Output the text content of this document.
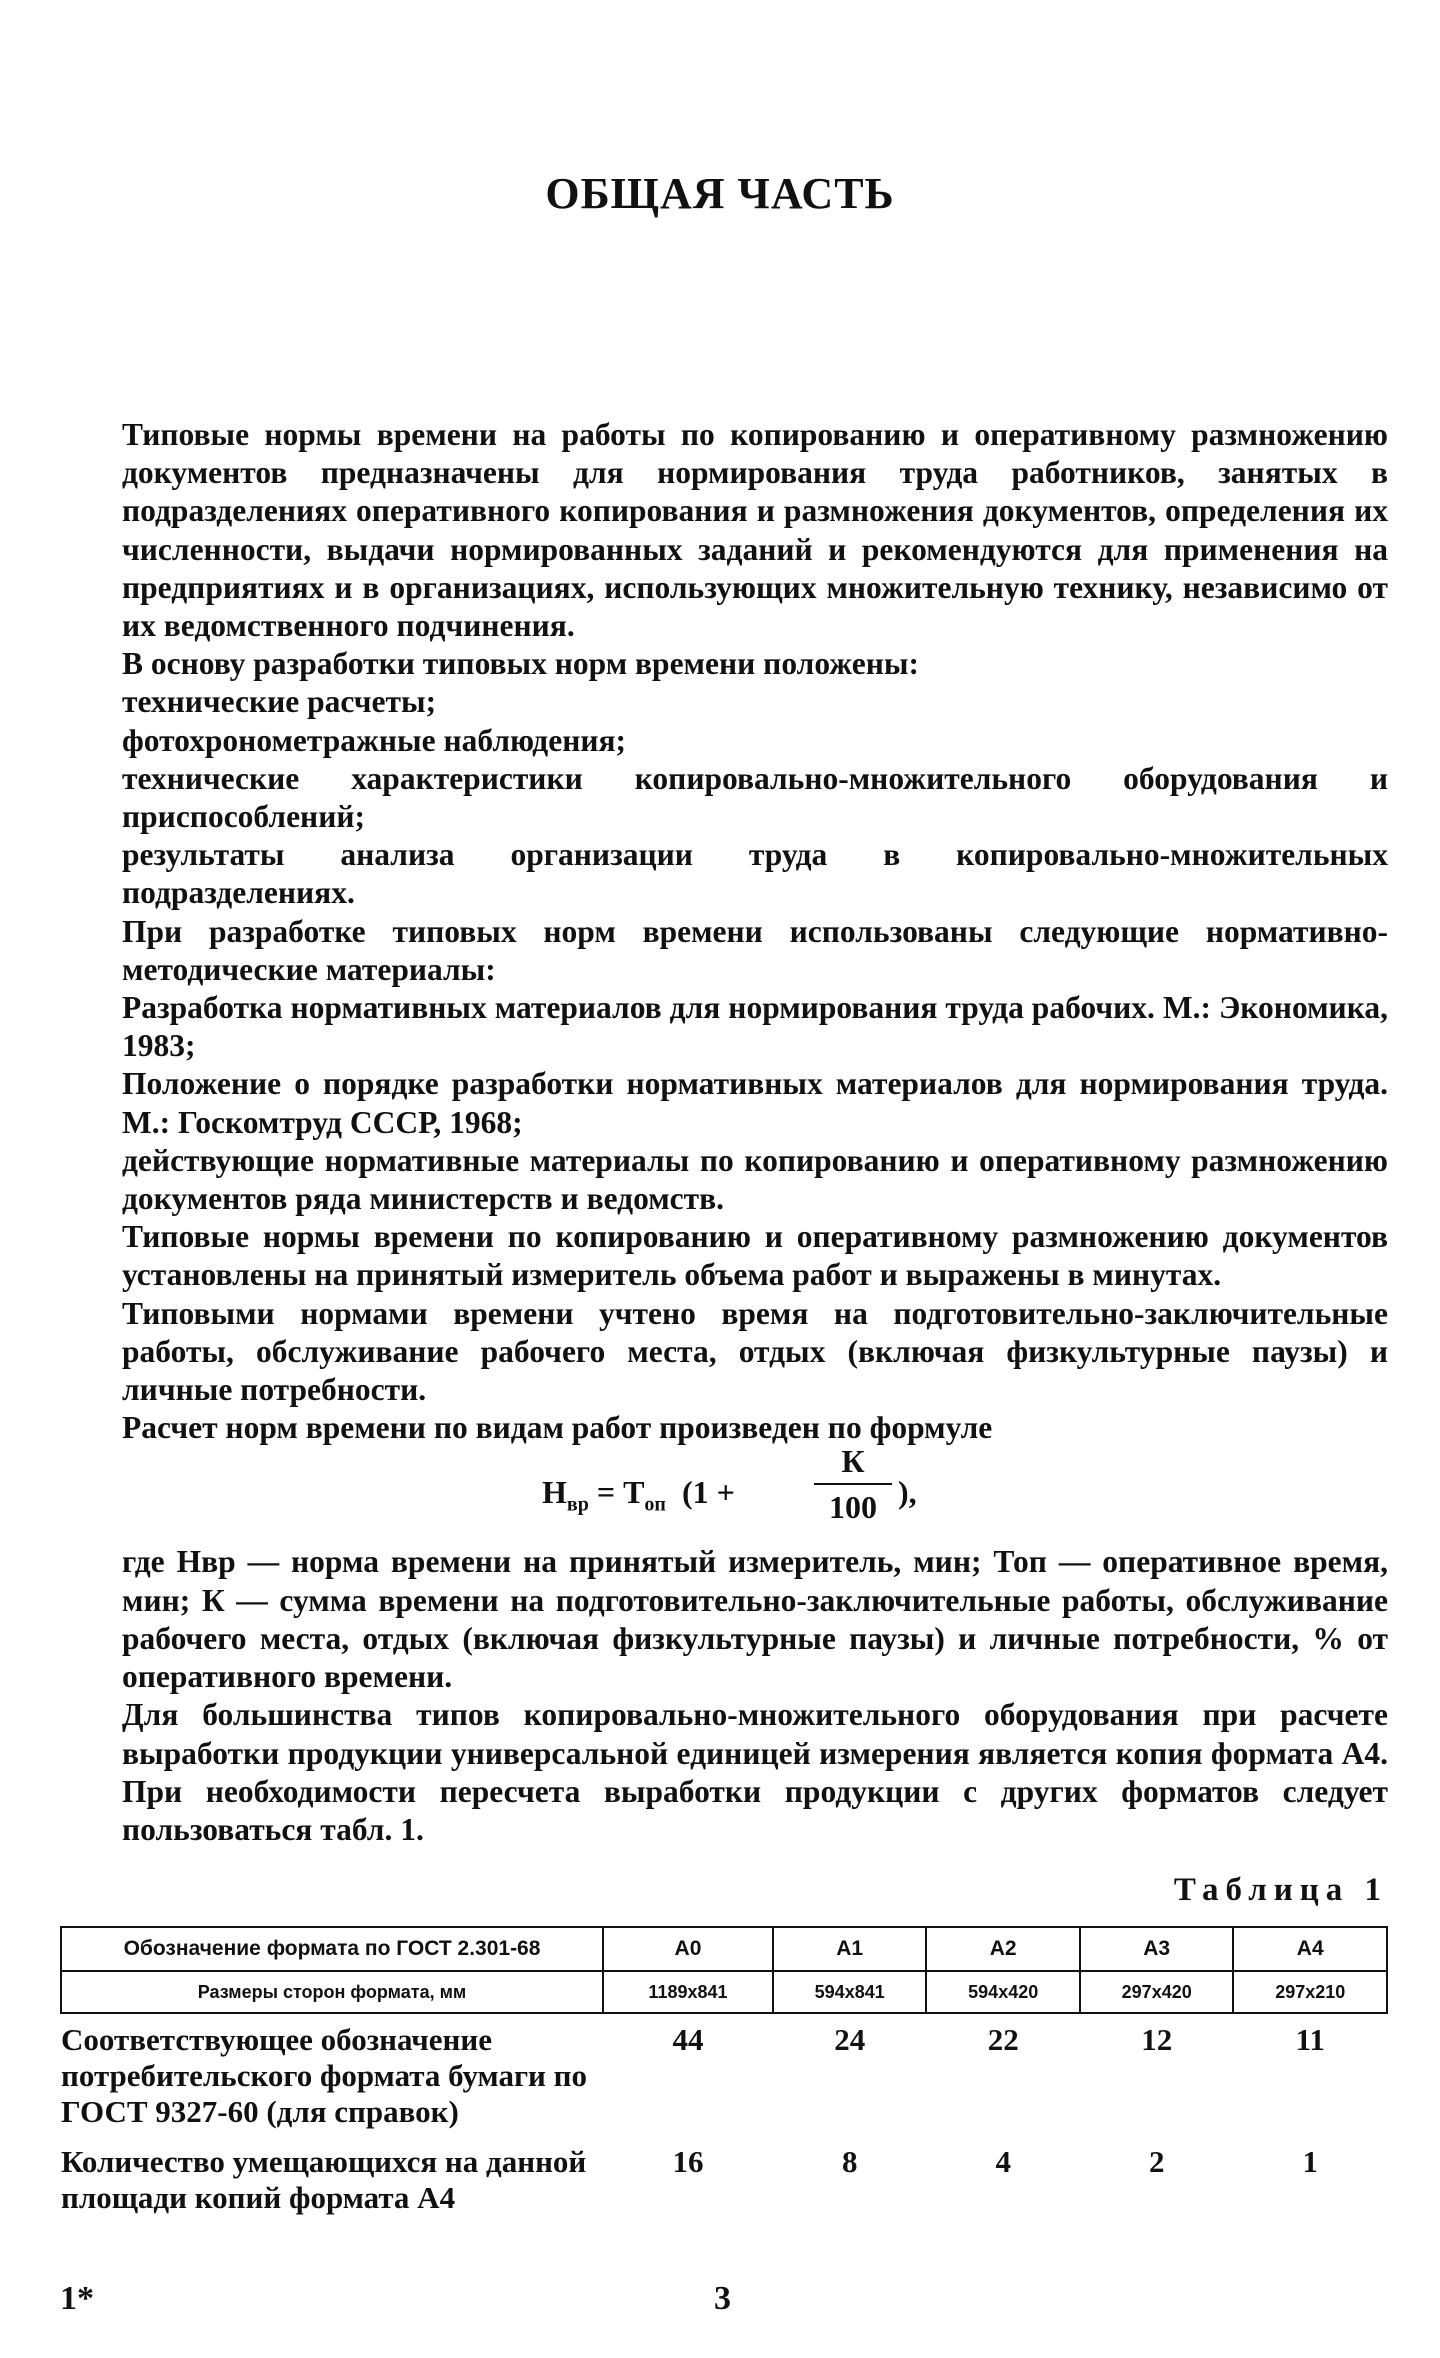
ОБЩАЯ ЧАСТЬ

Типовые нормы времени на работы по копированию и оперативному размножению документов предназначены для нормирования труда работников, занятых в подразделениях оперативного копирования и размножения документов, определения их численности, выдачи нормированных заданий и рекомендуются для применения на предприятиях и в организациях, использующих множительную технику, независимо от их ведомственного подчинения.

В основу разработки типовых норм времени положены:

технические расчеты;

фотохронометражные наблюдения;

технические характеристики копировально-множительного оборудования и приспособлений;

результаты анализа организации труда в копировально-множительных подразделениях.

При разработке типовых норм времени использованы следующие нормативно-методические материалы:

Разработка нормативных материалов для нормирования труда рабочих. М.: Экономика, 1983;

Положение о порядке разработки нормативных материалов для нормирования труда. М.: Госкомтруд СССР, 1968;

действующие нормативные материалы по копированию и оперативному размножению документов ряда министерств и ведомств.

Типовые нормы времени по копированию и оперативному размножению документов установлены на принятый измеритель объема работ и выражены в минутах.

Типовыми нормами времени учтено время на подготовительно-заключительные работы, обслуживание рабочего места, отдых (включая физкультурные паузы) и личные потребности.

Расчет норм времени по видам работ произведен по формуле

$Н_{вр} = Т_{оп}$  (1 +
К
100 ),

где Нвр — норма времени на принятый измеритель, мин; Топ — оперативное время, мин; К — сумма времени на подготовительно-заключительные работы, обслуживание рабочего места, отдых (включая физкультурные паузы) и личные потребности, % от оперативного времени.

Для большинства типов копировально-множительного оборудования при расчете выработки продукции универсальной единицей измерения является копия формата А4. При необходимости пересчета выработки продукции с других форматов следует пользоваться табл. 1.

Таблица 1
Обозначение формата по ГОСТ 2.301-68	А0	А1	А2	А3	А4
Размеры сторон формата, мм	1189x841	594x841	594x420	297x420	297x210
Соответствующее обозначение потребительского формата бумаги по ГОСТ 9327-60 (для справок)	44	24	22	12	11
Количество умещающихся на данной площади копий формата А4	16	8	4	2	1
1*	3
